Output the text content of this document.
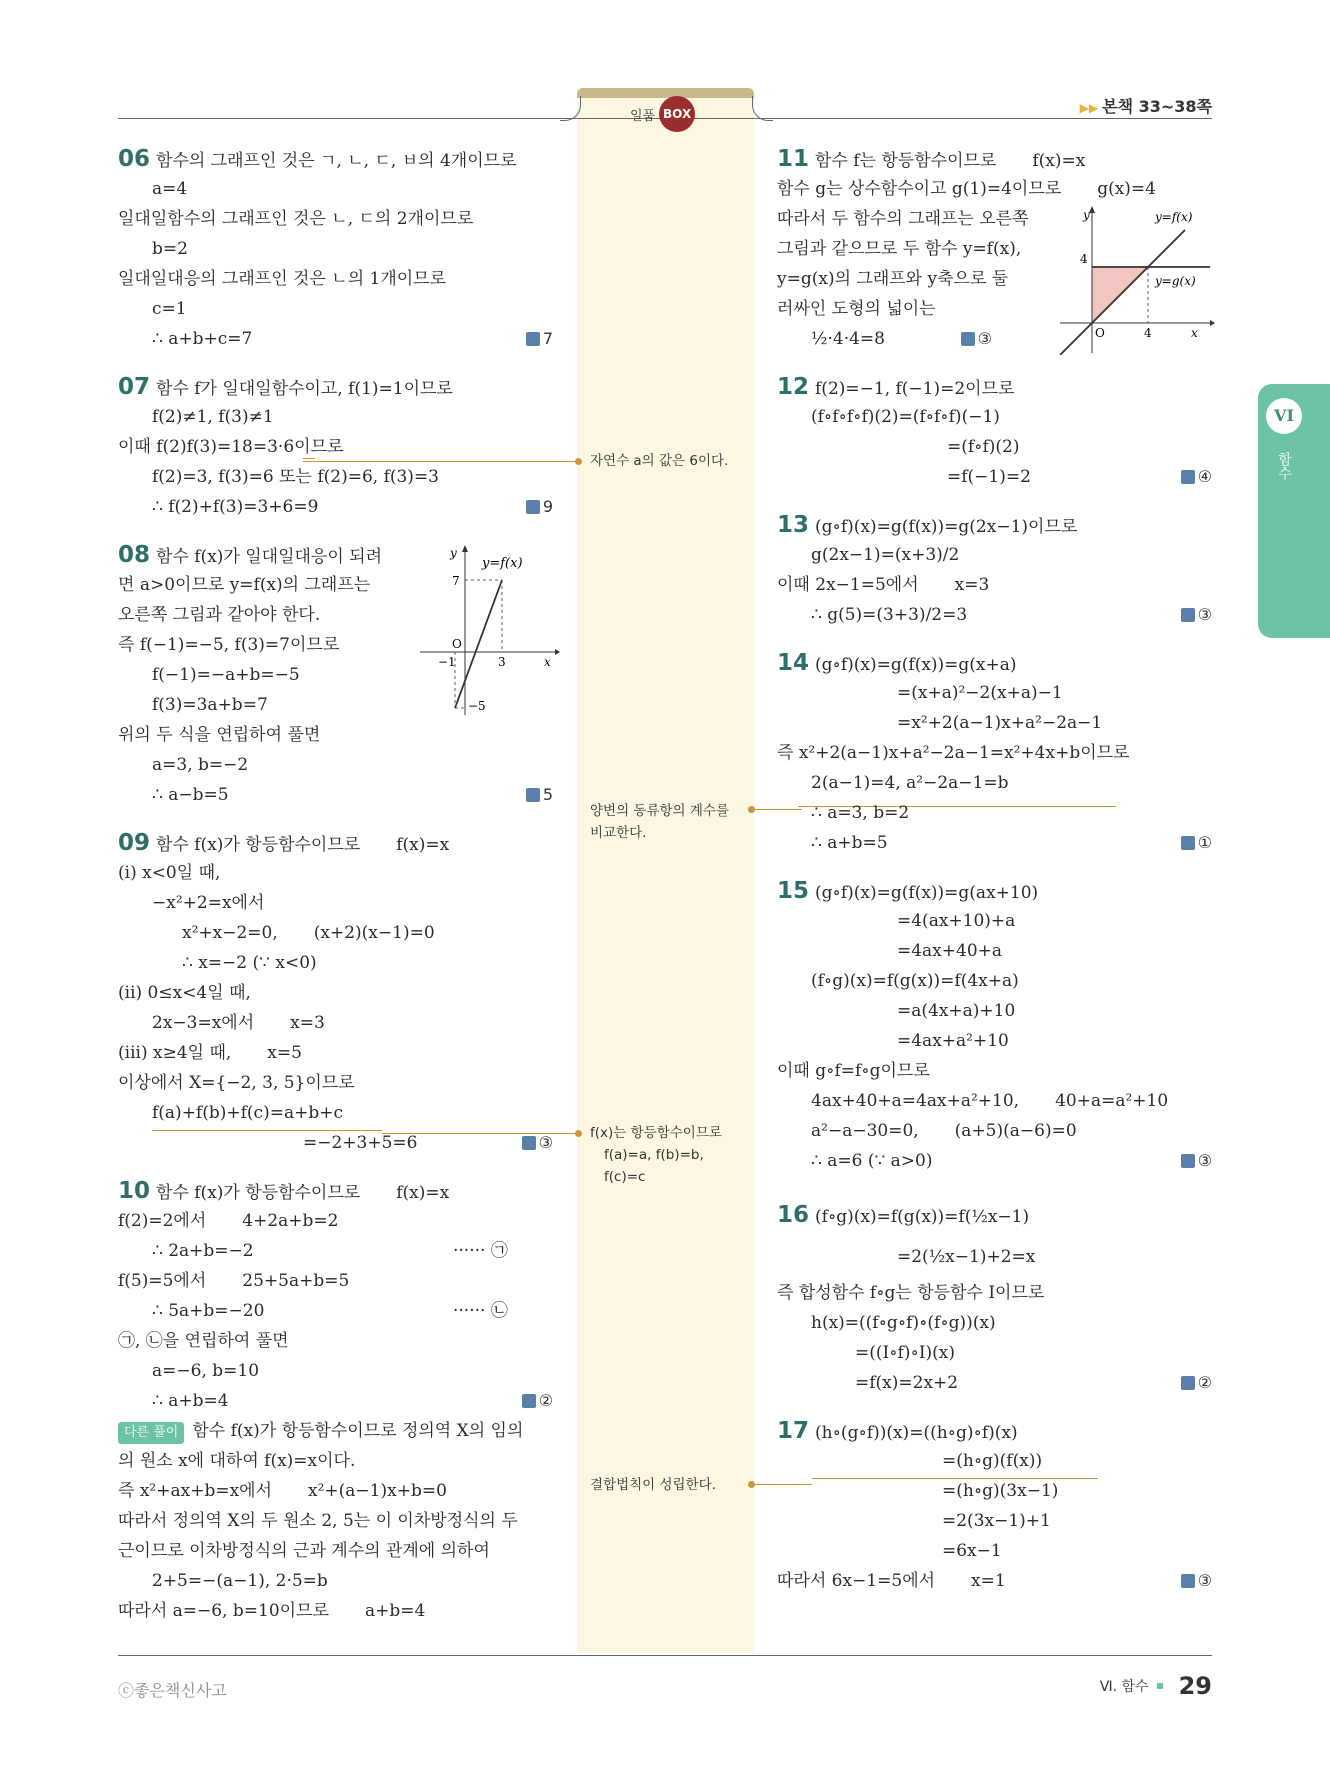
일품 BOX	▶▶ 본책 33~38쪽
VI
함수

06 함수의 그래프인 것은 ㄱ, ㄴ, ㄷ, ㅂ의 4개이므로

a=4

일대일함수의 그래프인 것은 ㄴ, ㄷ의 2개이므로

b=2

일대일대응의 그래프인 것은 ㄴ의 1개이므로

c=1

∴ a+b+c=7	7

07 함수 f가 일대일함수이고, f(1)=1이므로

f(2)≠1, f(3)≠1

이때 f(2)f(3)=18=3·6이므로

f(2)=3, f(3)=6 또는 f(2)=6, f(3)=3

∴ f(2)+f(3)=3+6=9	9

08 함수 f(x)가 일대일대응이 되려

면 a>0이므로 y=f(x)의 그래프는

오른쪽 그림과 같아야 한다.

즉 f(−1)=−5, f(3)=7이므로

f(−1)=−a+b=−5

f(3)=3a+b=7

위의 두 식을 연립하여 풀면

a=3, b=−2

∴ a−b=5	5

09 함수 f(x)가 항등함수이므로 f(x)=x

(i) x<0일 때,

−x²+2=x에서

x²+x−2=0, (x+2)(x−1)=0

∴ x=−2 (∵ x<0)

(ii) 0≤x<4일 때,

2x−3=x에서 x=3

(iii) x≥4일 때, x=5

이상에서 X={−2, 3, 5}이므로

f(a)+f(b)+f(c)=a+b+c

=−2+3+5=6	③

10 함수 f(x)가 항등함수이므로 f(x)=x

f(2)=2에서 4+2a+b=2

∴ 2a+b=−2	······ ㉠

f(5)=5에서 25+5a+b=5

∴ 5a+b=−20	······ ㉡

㉠, ㉡을 연립하여 풀면

a=−6, b=10

∴ a+b=4	②

다른 풀이 함수 f(x)가 항등함수이므로 정의역 X의 임의

의 원소 x에 대하여 f(x)=x이다.

즉 x²+ax+b=x에서 x²+(a−1)x+b=0

따라서 정의역 X의 두 원소 2, 5는 이 이차방정식의 두

근이므로 이차방정식의 근과 계수의 관계에 의하여

2+5=−(a−1), 2·5=b

따라서 a=−6, b=10이므로 a+b=4

y
y=f(x)
7
O
−1	3	x
−5
자연수 a의 값은 6이다.
양변의 동류항의 계수를
비교한다.
f(x)는 항등함수이므로
f(a)=a, f(b)=b,
f(c)=c
결합법칙이 성립한다.

11 함수 f는 항등함수이므로 f(x)=x

함수 g는 상수함수이고 g(1)=4이므로 g(x)=4

따라서 두 함수의 그래프는 오른쪽

그림과 같으므로 두 함수 y=f(x),

y=g(x)의 그래프와 y축으로 둘

러싸인 도형의 넓이는

½·4·4=8	③

12 f(2)=−1, f(−1)=2이므로

(f∘f∘f∘f)(2)=(f∘f∘f)(−1)

=(f∘f)(2)

=f(−1)=2	④

13 (g∘f)(x)=g(f(x))=g(2x−1)이므로

g(2x−1)=(x+3)/2

이때 2x−1=5에서 x=3

∴ g(5)=(3+3)/2=3	③

14 (g∘f)(x)=g(f(x))=g(x+a)

=(x+a)²−2(x+a)−1

=x²+2(a−1)x+a²−2a−1

즉 x²+2(a−1)x+a²−2a−1=x²+4x+b이므로

2(a−1)=4, a²−2a−1=b

∴ a=3, b=2

∴ a+b=5	①

15 (g∘f)(x)=g(f(x))=g(ax+10)

=4(ax+10)+a

=4ax+40+a

(f∘g)(x)=f(g(x))=f(4x+a)

=a(4x+a)+10

=4ax+a²+10

이때 g∘f=f∘g이므로

4ax+40+a=4ax+a²+10, 40+a=a²+10

a²−a−30=0, (a+5)(a−6)=0

∴ a=6 (∵ a>0)	③

16 (f∘g)(x)=f(g(x))=f(½x−1)

=2(½x−1)+2=x

즉 합성함수 f∘g는 항등함수 I이므로

h(x)=((f∘g∘f)∘(f∘g))(x)

=((I∘f)∘I)(x)

=f(x)=2x+2	②

17 (h∘(g∘f))(x)=((h∘g)∘f)(x)

=(h∘g)(f(x))

=(h∘g)(3x−1)

=2(3x−1)+1

=6x−1

따라서 6x−1=5에서 x=1	③

y	y=f(x)
y=g(x)
4
O	4	x
ⓒ좋은책신사고	Ⅵ. 함수 29
